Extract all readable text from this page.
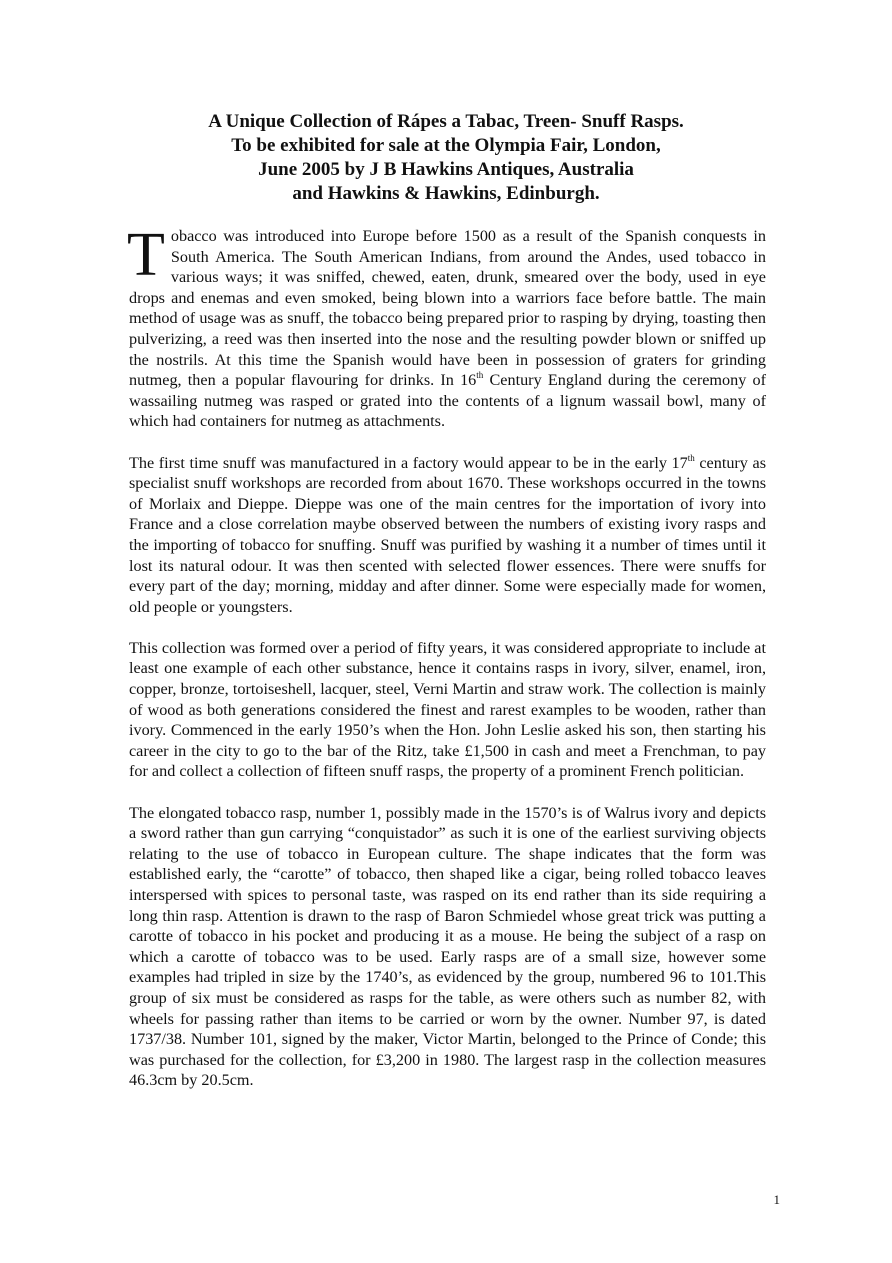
A Unique Collection of Rápes a Tabac, Treen- Snuff Rasps.
To be exhibited for sale at the Olympia Fair, London,
June 2005 by J B Hawkins Antiques, Australia
and Hawkins & Hawkins, Edinburgh.

Tobacco was introduced into Europe before 1500 as a result of the Spanish conquests in South America. The South American Indians, from around the Andes, used tobacco in various ways; it was sniffed, chewed, eaten, drunk, smeared over the body, used in eye drops and enemas and even smoked, being blown into a warriors face before battle. The main method of usage was as snuff, the tobacco being prepared prior to rasping by drying, toasting then pulverizing, a reed was then inserted into the nose and the resulting powder blown or sniffed up the nostrils. At this time the Spanish would have been in possession of graters for grinding nutmeg, then a popular flavouring for drinks. In 16th Century England during the ceremony of wassailing nutmeg was rasped or grated into the contents of a lignum wassail bowl, many of which had containers for nutmeg as attachments.

The first time snuff was manufactured in a factory would appear to be in the early 17th century as specialist snuff workshops are recorded from about 1670. These workshops occurred in the towns of Morlaix and Dieppe. Dieppe was one of the main centres for the importation of ivory into France and a close correlation maybe observed between the numbers of existing ivory rasps and the importing of tobacco for snuffing. Snuff was purified by washing it a number of times until it lost its natural odour. It was then scented with selected flower essences. There were snuffs for every part of the day; morning, midday and after dinner. Some were especially made for women, old people or youngsters.

This collection was formed over a period of fifty years, it was considered appropriate to include at least one example of each other substance, hence it contains rasps in ivory, silver, enamel, iron, copper, bronze, tortoiseshell, lacquer, steel, Verni Martin and straw work. The collection is mainly of wood as both generations considered the finest and rarest examples to be wooden, rather than ivory. Commenced in the early 1950’s when the Hon. John Leslie asked his son, then starting his career in the city to go to the bar of the Ritz, take £1,500 in cash and meet a Frenchman, to pay for and collect a collection of fifteen snuff rasps, the property of a prominent French politician.

The elongated tobacco rasp, number 1, possibly made in the 1570’s is of Walrus ivory and depicts a sword rather than gun carrying “conquistador” as such it is one of the earliest surviving objects relating to the use of tobacco in European culture. The shape indicates that the form was established early, the “carotte” of tobacco, then shaped like a cigar, being rolled tobacco leaves interspersed with spices to personal taste, was rasped on its end rather than its side requiring a long thin rasp. Attention is drawn to the rasp of Baron Schmiedel whose great trick was putting a carotte of tobacco in his pocket and producing it as a mouse. He being the subject of a rasp on which a carotte of tobacco was to be used. Early rasps are of a small size, however some examples had tripled in size by the 1740’s, as evidenced by the group, numbered 96 to 101.This group of six must be considered as rasps for the table, as were others such as number 82, with wheels for passing rather than items to be carried or worn by the owner. Number 97, is dated 1737/38. Number 101, signed by the maker, Victor Martin, belonged to the Prince of Conde; this was purchased for the collection, for £3,200 in 1980. The largest rasp in the collection measures 46.3cm by 20.5cm.

1
